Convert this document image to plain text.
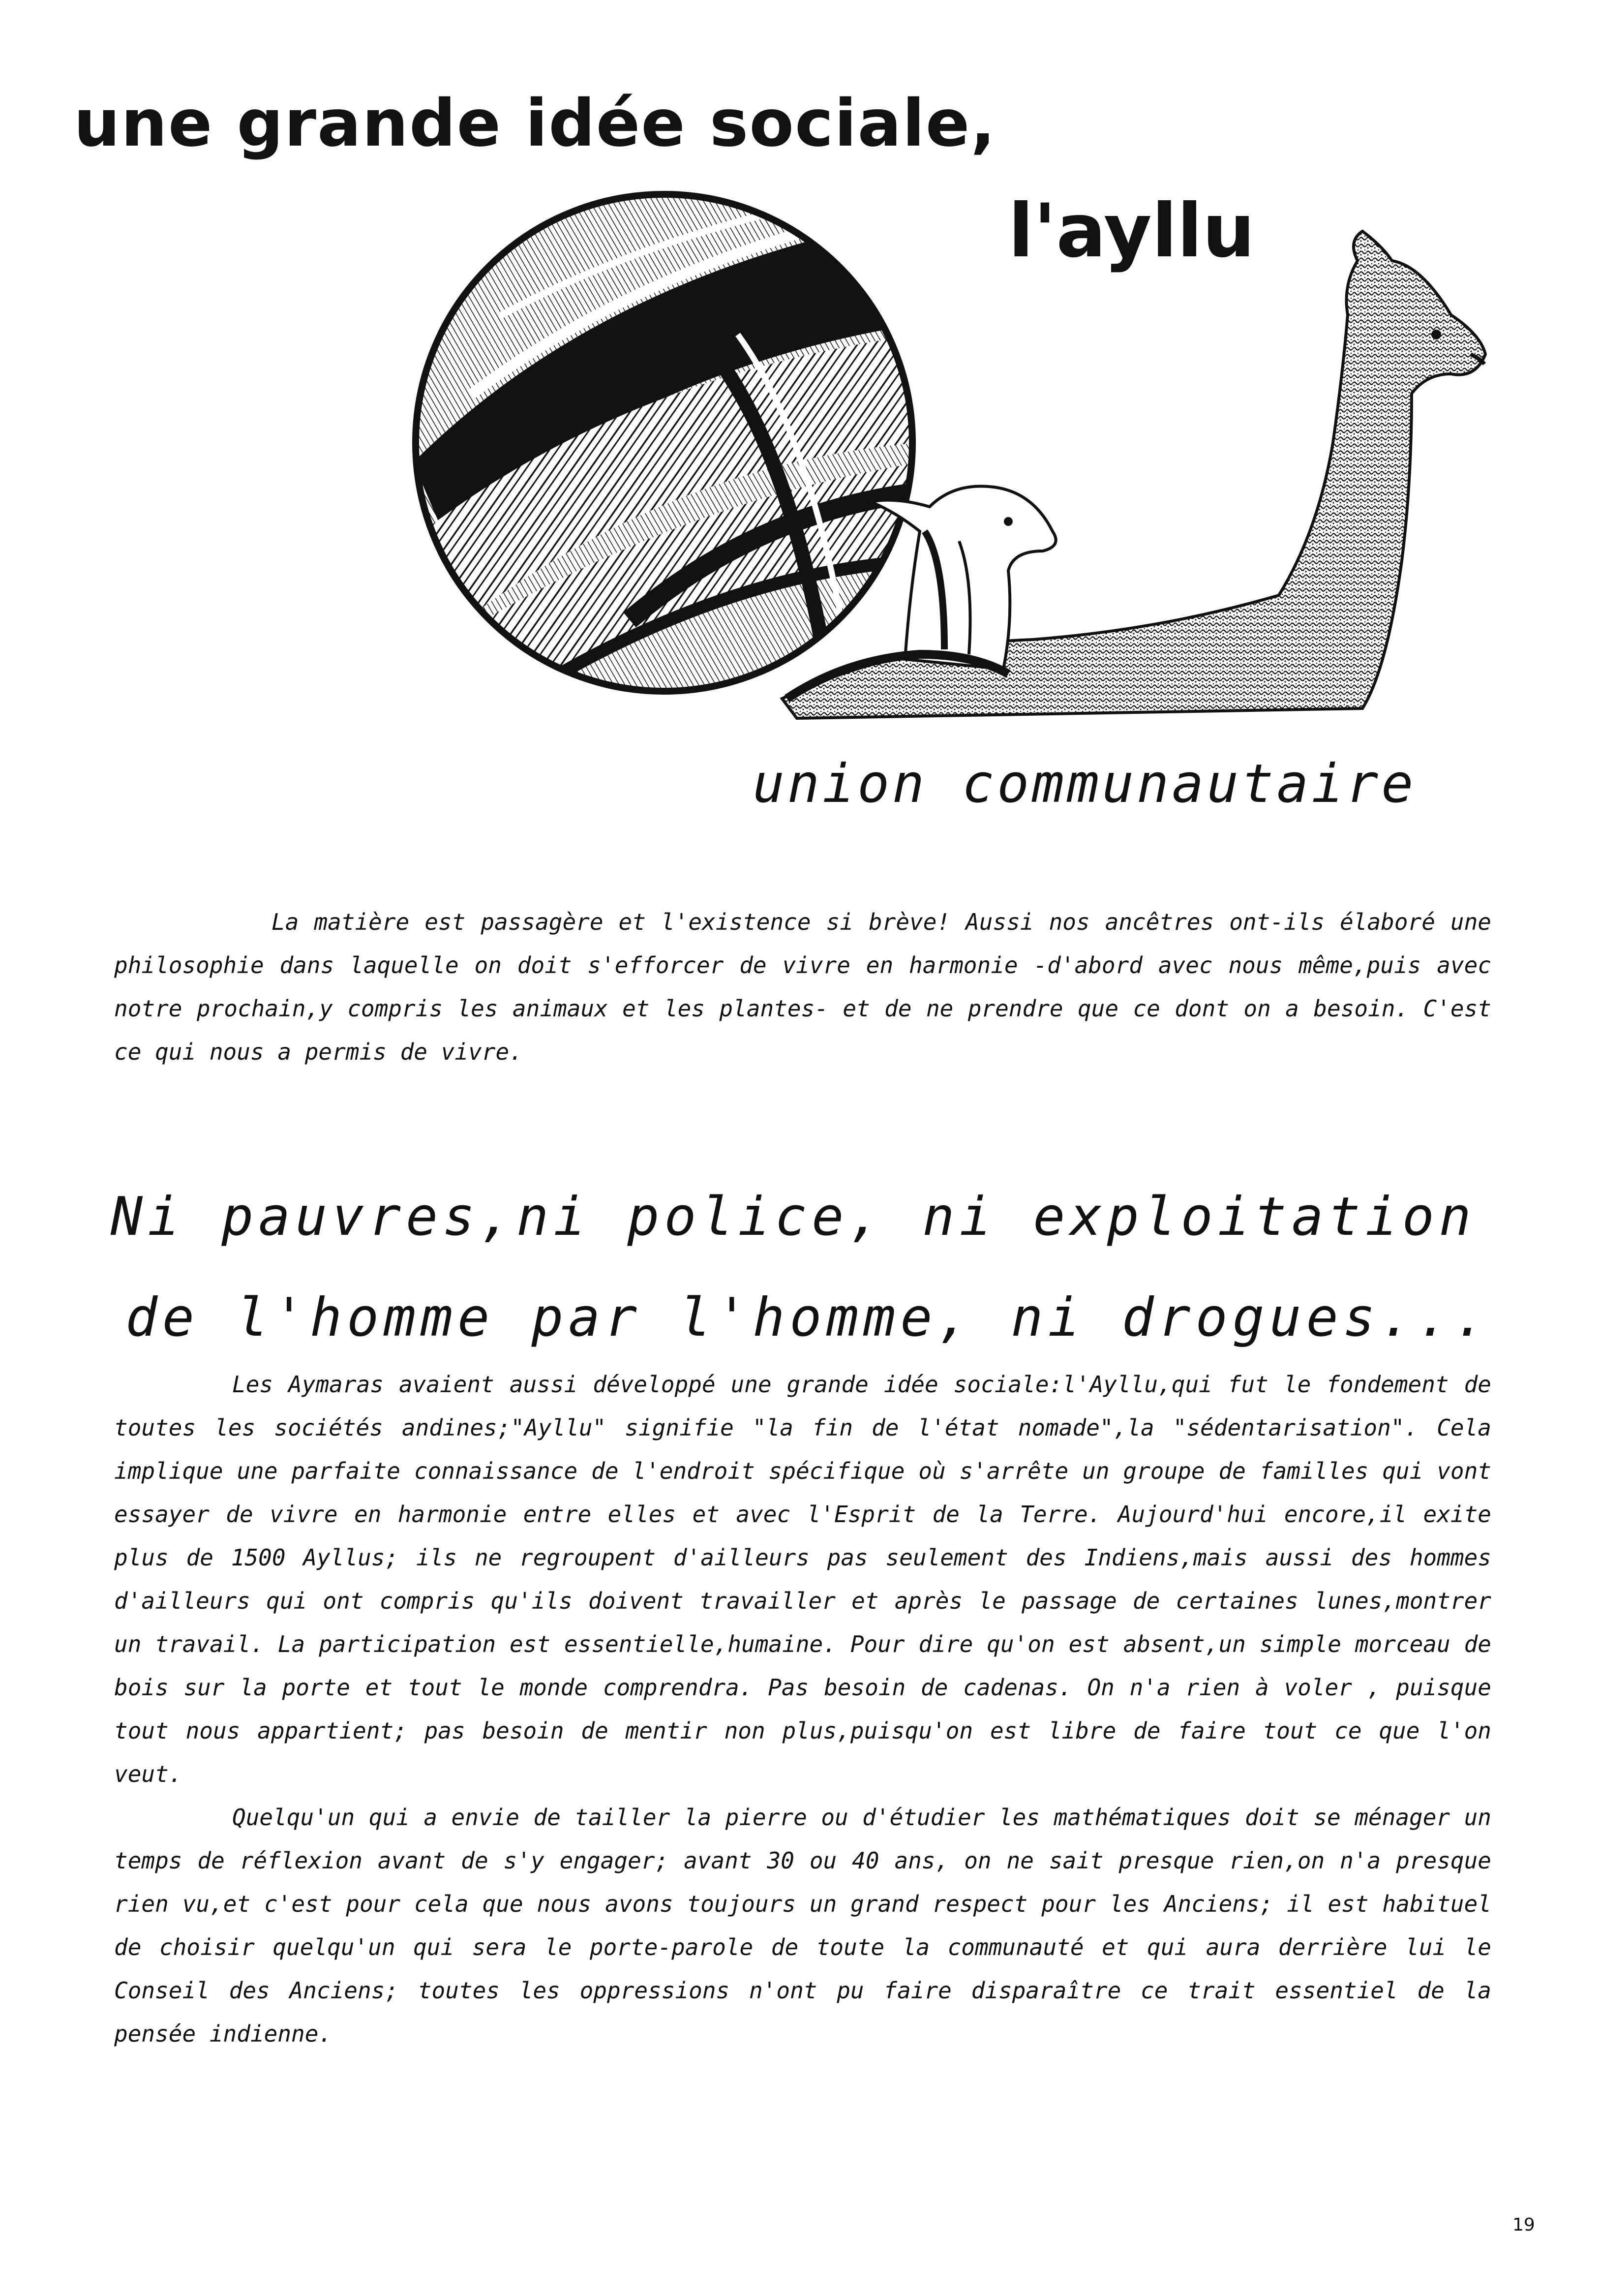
une grande idée sociale,
l'ayllu
union communautaire

La matière est passagère et l'existence si brève! Aussi nos ancêtres ont-ils élaboré une philosophie dans laquelle on doit s'efforcer de vivre en harmonie -d'abord avec nous même,puis avec notre prochain,y compris les animaux et les plantes- et de ne prendre que ce dont on a besoin. C'est ce qui nous a permis de vivre.

Ni pauvres,ni police, ni exploitation
de l'homme par l'homme, ni drogues...

Les Aymaras avaient aussi développé une grande idée sociale:l'Ayllu,qui fut le fondement de toutes les sociétés andines;"Ayllu" signifie "la fin de l'état nomade",la "sédentarisation". Cela implique une parfaite connaissance de l'endroit spécifique où s'arrête un groupe de familles qui vont essayer de vivre en harmonie entre elles et avec l'Esprit de la Terre. Aujourd'hui encore,il exite plus de 1500 Ayllus; ils ne regroupent d'ailleurs pas seulement des Indiens,mais aussi des hommes d'ailleurs qui ont compris qu'ils doivent travailler et après le passage de certaines lunes,montrer un travail. La participation est essentielle,humaine. Pour dire qu'on est absent,un simple morceau de bois sur la porte et tout le monde comprendra. Pas besoin de cadenas. On n'a rien à voler , puisque tout nous appartient; pas besoin de mentir non plus,puisqu'on est libre de faire tout ce que l'on veut.

Quelqu'un qui a envie de tailler la pierre ou d'étudier les mathématiques doit se ménager un temps de réflexion avant de s'y engager; avant 30 ou 40 ans, on ne sait presque rien,on n'a presque rien vu,et c'est pour cela que nous avons toujours un grand respect pour les Anciens; il est habituel de choisir quelqu'un qui sera le porte-parole de toute la communauté et qui aura derrière lui le Conseil des Anciens; toutes les oppressions n'ont pu faire disparaître ce trait essentiel de la pensée indienne.

19
